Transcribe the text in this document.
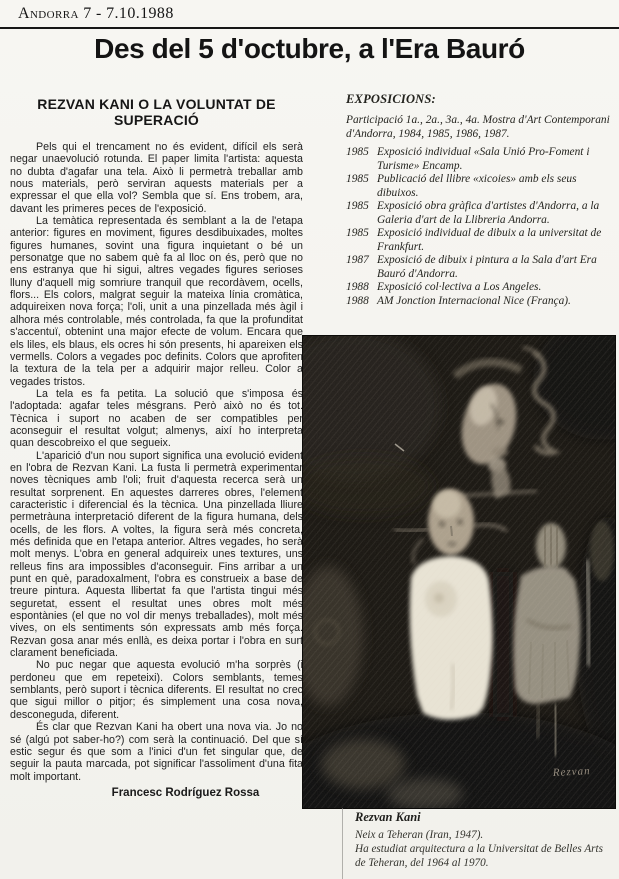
Andorra 7 - 7.10.1988
Des del 5 d'octubre, a l'Era Bauró
REZVAN KANI O LA VOLUNTAT DE SUPERACIÓ

Pels qui el trencament no és evident, difícil els serà negar unaevolució rotunda. El paper limita l'artista: aquesta no dubta d'agafar una tela. Això li permetrà treballar amb nous materials, però serviran aquests materials per a expressar el que ella vol? Sembla que sí. Ens trobem, ara, davant les primeres peces de l'exposició.

La temàtica representada és semblant a la de l'etapa anterior: figures en moviment, figures desdibuixades, moltes figures humanes, sovint una figura inquietant o bé un personatge que no sabem què fa al lloc on és, però que no ens estranya que hi sigui, altres vegades figures serioses lluny d'aquell mig somriure tranquil que recordàvem, ocells, flors... Els colors, malgrat seguir la mateixa línia cromàtica, adquireixen nova força; l'oli, unit a una pinzellada més àgil i alhora més controlable, més controlada, fa que la profunditat s'accentuï, obtenint una major efecte de volum. Encara que els liles, els blaus, els ocres hi són presents, hi apareixen els vermells. Colors a vegades poc definits. Colors que aprofiten la textura de la tela per a adquirir major relleu. Color a vegades tristos.

La tela es fa petita. La solució que s'imposa és l'adoptada: agafar teles mésgrans. Però això no és tot. Tècnica i suport no acaben de ser compatibles per aconseguir el resultat volgut; almenys, així ho interpreta quan descobreixo el que segueix.

L'aparició d'un nou suport significa una evolució evident en l'obra de Rezvan Kani. La fusta li permetrà experimentar noves tècniques amb l'oli; fruit d'aquesta recerca serà un resultat sorprenent. En aquestes darreres obres, l'element caracteristic i diferencial és la tècnica. Una pinzellada lliure permetràuna interpretació diferent de la figura humana, dels ocells, de les flors. A voltes, la figura serà més concreta, més definida que en l'etapa anterior. Altres vegades, ho serà molt menys. L'obra en general adquireix unes textures, uns relleus fins ara impossibles d'aconseguir. Fins arribar a un punt en què, paradoxalment, l'obra es construeix a base de treure pintura. Aquesta llibertat fa que l'artista tingui més seguretat, essent el resultat unes obres molt més espontànies (el que no vol dir menys treballades), molt més vives, on els sentiments són expressats amb més força. Rezvan gosa anar més enllà, es deixa portar i l'obra en surt clarament beneficiada.

No puc negar que aquesta evolució m'ha sorprès (i perdoneu que em repeteixi). Colors semblants, temes semblants, però suport i tècnica diferents. El resultat no crec que sigui millor o pitjor; és simplement una cosa nova, desconeguda, diferent.

És clar que Rezvan Kani ha obert una nova via. Jo no sé (algú pot saber-ho?) com serà la continuació. Del que sí estic segur és que som a l'inici d'un fet singular que, de seguir la pauta marcada, pot significar l'assoliment d'una fita molt important.

Francesc Rodríguez Rossa

EXPOSICIONS:

Participació 1a., 2a., 3a., 4a. Mostra d'Art Contemporani d'Andorra, 1984, 1985, 1986, 1987.

1985 Exposició individual «Sala Unió Pro-Foment i Turisme» Encamp.
1985 Publicació del llibre «xicoies» amb els seus dibuixos.
1985 Exposició obra gràfica d'artistes d'Andorra, a la Galeria d'art de la Llibreria Andorra.
1985 Exposició individual de dibuix a la universitat de Frankfurt.
1987 Exposició de dibuix i pintura a la Sala d'art Era Bauró d'Andorra.
1988 Exposició col·lectiva a Los Angeles.
1988 AM Jonction Internacional Nice (França).
Rezvan
Rezvan Kani

Neix a Teheran (Iran, 1947).

Ha estudiat arquitectura a la Universitat de Belles Arts de Teheran, del 1964 al 1970.
